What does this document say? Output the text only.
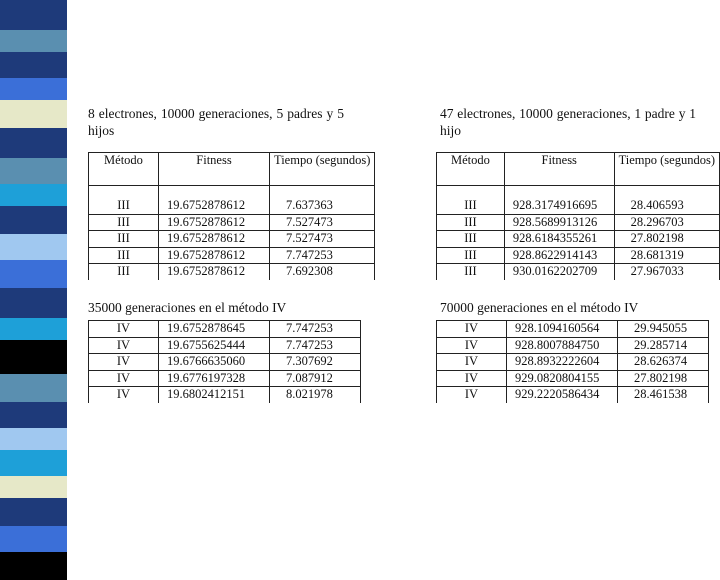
8 electrones, 10000 generaciones, 5 padres y 5 hijos

Método	Fitness	Tiempo (segundos)

III	19.6752878612	7.637363
III	19.6752878612	7.527473
III	19.6752878612	7.527473
III	19.6752878612	7.747253
III	19.6752878612	7.692308

35000 generaciones en el método IV

IV	19.6752878645	7.747253
IV	19.6755625444	7.747253
IV	19.6766635060	7.307692
IV	19.6776197328	7.087912
IV	19.6802412151	8.021978

47 electrones, 10000 generaciones, 1 padre y 1 hijo

Método	Fitness	Tiempo (segundos)

III	928.3174916695	28.406593
III	928.5689913126	28.296703
III	928.6184355261	27.802198
III	928.8622914143	28.681319
III	930.0162202709	27.967033

70000 generaciones en el método IV

IV	928.1094160564	29.945055
IV	928.8007884750	29.285714
IV	928.8932222604	28.626374
IV	929.0820804155	27.802198
IV	929.2220586434	28.461538
